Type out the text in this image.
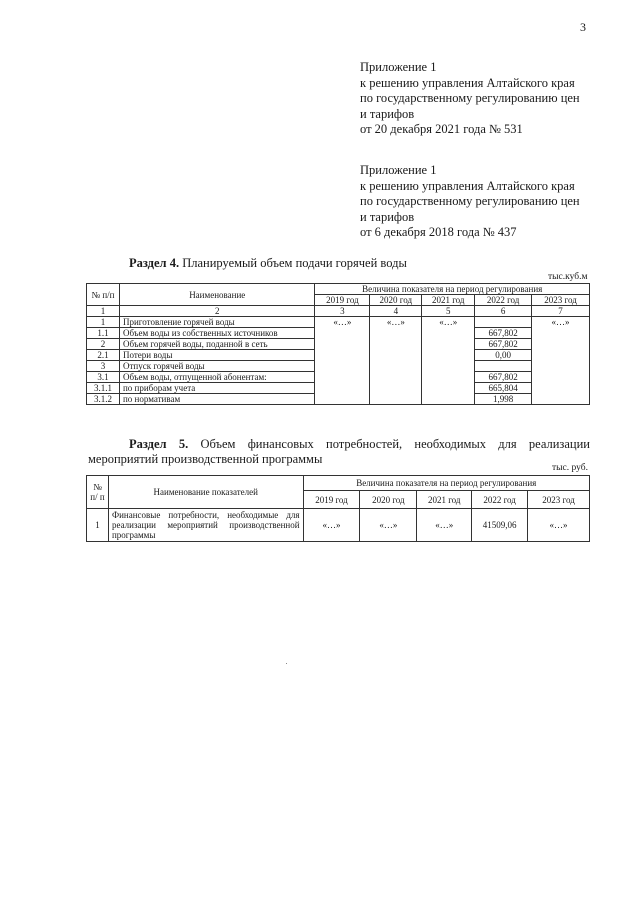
3
Приложение 1
к решению управления Алтайского края
по государственному регулированию цен
и тарифов
от 20 декабря 2021 года № 531
Приложение 1
к решению управления Алтайского края
по государственному регулированию цен
и тарифов
от 6 декабря 2018 года № 437
Раздел 4. Планируемый объем подачи горячей воды
тыс.куб.м
№ п/п	Наименование	Величина показателя на период регулирования				
		2019 год	2020 год	2021 год	2022 год	2023 год
1	2	3	4	5	6	7
1	Приготовление горячей воды	«…»	«…»	«…»		«…»
1.1	Объем воды из собственных источников				667,802	
2	Объем горячей воды, поданной в сеть				667,802	
2.1	Потери воды				0,00	
3	Отпуск горячей воды					
3.1	Объем воды, отпущенной абонентам:				667,802	
3.1.1	по приборам учета				665,804	
3.1.2	по нормативам				1,998	
Раздел 5. Объем финансовых потребностей, необходимых для реализации
мероприятий производственной программы
тыс. руб.
№ п/ п	Наименование показателей	Величина показателя на период регулирования				
		2019 год	2020 год	2021 год	2022 год	2023 год
1	Финансовые потребности, необходимые для реализации мероприятий производственной программы	«…»	«…»	«…»	41509,06	«…»
